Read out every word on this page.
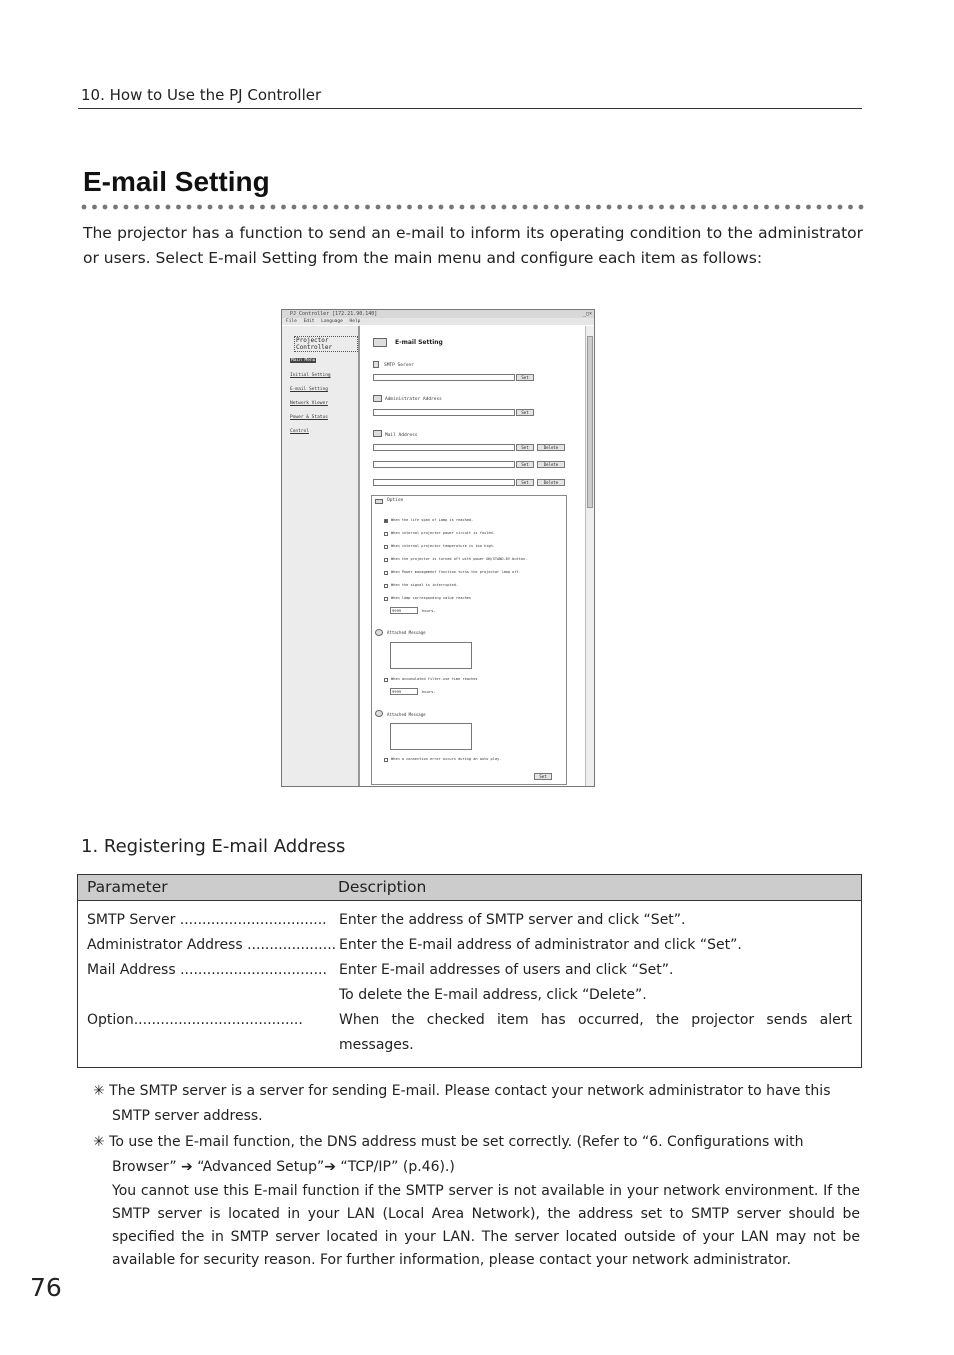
10. How to Use the PJ Controller
E-mail Setting
The projector has a function to send an e-mail to inform its operating condition to the administrator or users. Select E-mail Setting from the main menu and configure each item as follows:
PJ Controller [172.21.90.140]	_□×
File Edit Language Help
Projector Controller
Main Menu
Initial Setting
E-mail Setting
Network Viewer
Power & Status
Control
E-mail Setting
SMTP Server
Set
Administrator Address
Set
Mail Address
Set	Delete
Set	Delete
Set	Delete
Option
When the life span of Lamp is reached.
When internal projector power circuit is failed.
When internal projector temperature is too high.
When the projector is turned off with power ON/STAND-BY button.
When Power management function turns the projector lamp off.
When the signal is interrupted.
When lamp corresponding value reaches
9999	hours.
Attached Message
When accumulated filter-use time reaches
9999	hours.
Attached Message
When a connection error occurs during an auto play.
Set
1. Registering E-mail Address
Parameter	Description
SMTP Server ................................. Enter the address of SMTP server and click “Set”.
Administrator Address .................... Enter the E-mail address of administrator and click “Set”.
Mail Address ................................. Enter E-mail addresses of users and click “Set”.
To delete the E-mail address, click “Delete”.
Option......................................	When the checked item has occurred, the projector sends alert
messages.
✳ The SMTP server is a server for sending E-mail. Please contact your network administrator to have this
SMTP server address.
✳ To use the E-mail function, the DNS address must be set correctly. (Refer to “6. Configurations with
Browser” ➔ “Advanced Setup”➔ “TCP/IP” (p.46).)
You cannot use this E-mail function if the SMTP server is not available in your network environment. If the SMTP server is located in your LAN (Local Area Network), the address set to SMTP server should be specified the in SMTP server located in your LAN. The server located outside of your LAN may not be available for security reason. For further information, please contact your network administrator.
76
